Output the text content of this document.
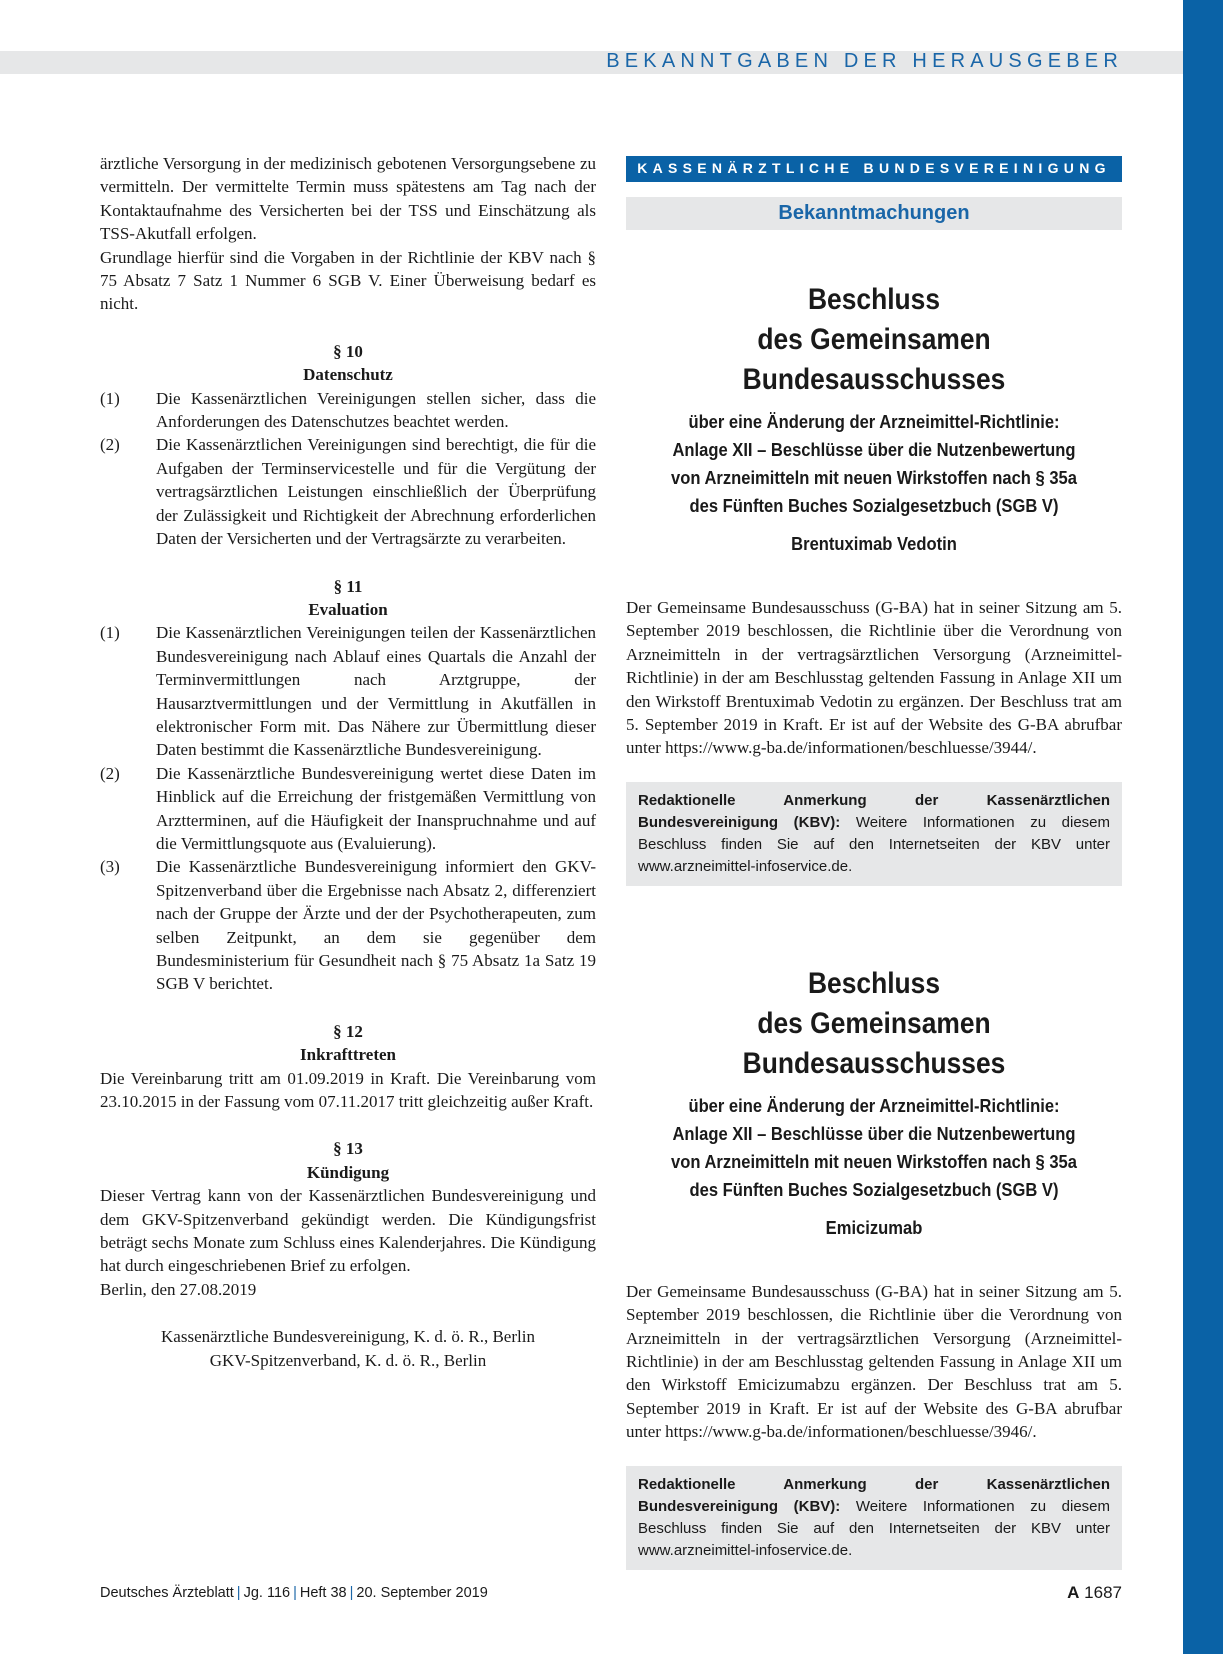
BEKANNTGABEN DER HERAUSGEBER

ärztliche Versorgung in der medizinisch gebotenen Versorgungsebene zu vermitteln. Der vermittelte Termin muss spätestens am Tag nach der Kontaktaufnahme des Versicherten bei der TSS und Einschätzung als TSS-Akutfall erfolgen.

Grundlage hierfür sind die Vorgaben in der Richtlinie der KBV nach § 75 Absatz 7 Satz 1 Nummer 6 SGB V. Einer Überweisung bedarf es nicht.

§ 10
Datenschutz
(1)	Die Kassenärztlichen Vereinigungen stellen sicher, dass die Anforderungen des Datenschutzes beachtet werden.
(2)	Die Kassenärztlichen Vereinigungen sind berechtigt, die für die Aufgaben der Terminservicestelle und für die Vergütung der vertragsärztlichen Leistungen einschließlich der Überprüfung der Zulässigkeit und Richtigkeit der Abrechnung erforderlichen Daten der Versicherten und der Vertragsärzte zu verarbeiten.
§ 11
Evaluation
(1)	Die Kassenärztlichen Vereinigungen teilen der Kassenärztlichen Bundesvereinigung nach Ablauf eines Quartals die Anzahl der Terminvermittlungen nach Arztgruppe, der Hausarztvermittlungen und der Vermittlung in Akutfällen in elektronischer Form mit. Das Nähere zur Übermittlung dieser Daten bestimmt die Kassenärztliche Bundesvereinigung.
(2)	Die Kassenärztliche Bundesvereinigung wertet diese Daten im Hinblick auf die Erreichung der fristgemäßen Vermittlung von Arztterminen, auf die Häufigkeit der Inanspruchnahme und auf die Vermittlungsquote aus (Evaluierung).
(3)	Die Kassenärztliche Bundesvereinigung informiert den GKV-Spitzenverband über die Ergebnisse nach Absatz 2, differenziert nach der Gruppe der Ärzte und der der Psychotherapeuten, zum selben Zeitpunkt, an dem sie gegenüber dem Bundesministerium für Gesundheit nach § 75 Absatz 1a Satz 19 SGB V berichtet.
§ 12
Inkrafttreten

Die Vereinbarung tritt am 01.09.2019 in Kraft. Die Vereinbarung vom 23.10.2015 in der Fassung vom 07.11.2017 tritt gleichzeitig außer Kraft.

§ 13
Kündigung

Dieser Vertrag kann von der Kassenärztlichen Bundesvereinigung und dem GKV-Spitzenverband gekündigt werden. Die Kündigungsfrist beträgt sechs Monate zum Schluss eines Kalenderjahres. Die Kündigung hat durch eingeschriebenen Brief zu erfolgen.

Berlin, den 27.08.2019

Kassenärztliche Bundesvereinigung, K. d. ö. R., Berlin
GKV-Spitzenverband, K. d. ö. R., Berlin
KASSENÄRZTLICHE BUNDESVEREINIGUNG
Bekanntmachungen
Beschluss
des Gemeinsamen Bundesausschusses
über eine Änderung der Arzneimittel-Richtlinie:
Anlage XII – Beschlüsse über die Nutzenbewertung
von Arzneimitteln mit neuen Wirkstoffen nach § 35a
des Fünften Buches Sozialgesetzbuch (SGB V)
Brentuximab Vedotin
Der Gemeinsame Bundesausschuss (G-BA) hat in seiner Sitzung am 5. September 2019 beschlossen, die Richtlinie über die Verordnung von Arzneimitteln in der vertragsärztlichen Versorgung (Arzneimittel-Richtlinie) in der am Beschlusstag geltenden Fassung in Anlage XII um den Wirkstoff Brentuximab Vedotin zu ergänzen. Der Beschluss trat am 5. September 2019 in Kraft. Er ist auf der Website des G-BA abrufbar unter https://www.g-ba.de/informationen/beschluesse/3944/.
Redaktionelle Anmerkung der Kassenärztlichen Bundesvereinigung (KBV): Weitere Informationen zu diesem Beschluss finden Sie auf den Internetseiten der KBV unter www.arzneimittel-infoservice.de.
Beschluss
des Gemeinsamen Bundesausschusses
über eine Änderung der Arzneimittel-Richtlinie:
Anlage XII – Beschlüsse über die Nutzenbewertung
von Arzneimitteln mit neuen Wirkstoffen nach § 35a
des Fünften Buches Sozialgesetzbuch (SGB V)
Emicizumab
Der Gemeinsame Bundesausschuss (G-BA) hat in seiner Sitzung am 5. September 2019 beschlossen, die Richtlinie über die Verordnung von Arzneimitteln in der vertragsärztlichen Versorgung (Arzneimittel-Richtlinie) in der am Beschlusstag geltenden Fassung in Anlage XII um den Wirkstoff Emicizumabzu ergänzen. Der Beschluss trat am 5. September 2019 in Kraft. Er ist auf der Website des G-BA abrufbar unter https://www.g-ba.de/informationen/beschluesse/3946/.
Redaktionelle Anmerkung der Kassenärztlichen Bundesvereinigung (KBV): Weitere Informationen zu diesem Beschluss finden Sie auf den Internetseiten der KBV unter www.arzneimittel-infoservice.de.
Deutsches Ärzteblatt | Jg. 116 | Heft 38 | 20. September 2019	A 1687
